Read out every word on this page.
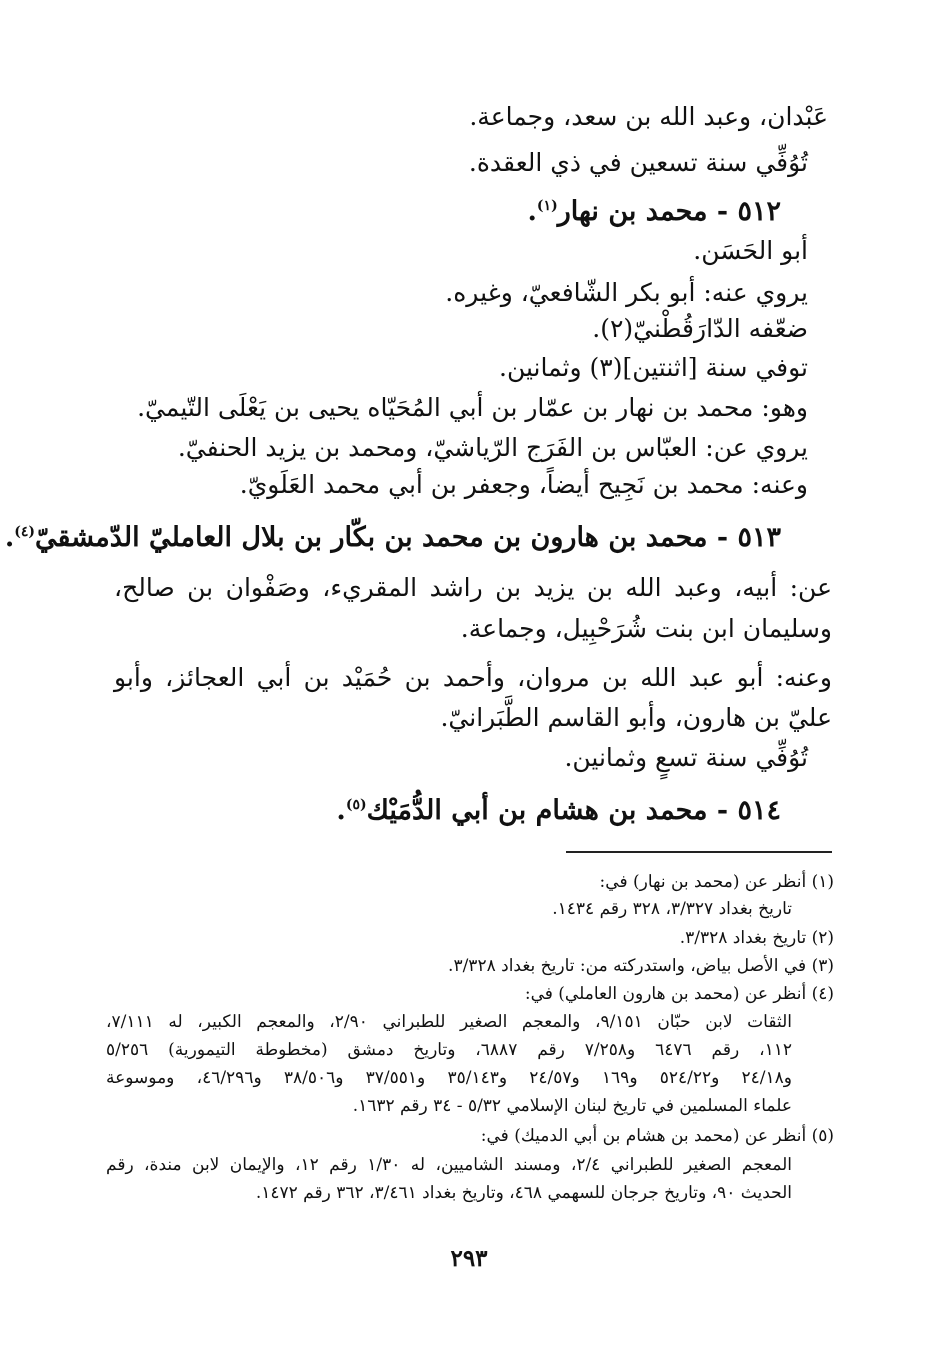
عَبْدان، وعبد الله بن سعد، وجماعة.
تُوُفِّي سنة تسعين في ذي العقدة.
٥١٢ - محمد بن نهار$^{(١)}$.
أبو الحَسَن.
يروي عنه: أبو بكر الشّافعيّ، وغيره.
ضعّفه الدّارَقُطْنيّ(٢).
توفي سنة [اثنتين](٣) وثمانين.
وهو: محمد بن نهار بن عمّار بن أبي المُحَيّاه يحيى بن يَعْلَى التّيميّ.
يروي عن: العبّاس بن الفَرَج الرّياشيّ، ومحمد بن يزيد الحنفيّ.
وعنه: محمد بن نَجِيح أيضاً، وجعفر بن أبي محمد العَلَويّ.
٥١٣ - محمد بن هارون بن محمد بن بكّار بن بلال العامليّ الدّمشقيّ$^{(٤)}$.
عن: أبيه، وعبد الله بن يزيد بن راشد المقريء، وصَفْوان بن صالح،
وسليمان ابن بنت شُرَحْبِيل، وجماعة.
وعنه: أبو عبد الله بن مروان، وأحمد بن حُمَيْد بن أبي العجائز، وأبو
عليّ بن هارون، وأبو القاسم الطَّبَرانيّ.
تُوُفِّي سنة تسعٍ وثمانين.
٥١٤ - محمد بن هشام بن أبي الدُّمَيْك$^{(٥)}$.
(١) أنظر عن (محمد بن نهار) في:
تاريخ بغداد ٣/٣٢٧، ٣٢٨ رقم ١٤٣٤.
(٢) تاريخ بغداد ٣/٣٢٨.
(٣) في الأصل بياض، واستدركته من: تاريخ بغداد ٣/٣٢٨.
(٤) أنظر عن (محمد بن هارون العاملي) في:
الثقات لابن حبّان ٩/١٥١، والمعجم الصغير للطبراني ٢/٩٠، والمعجم الكبير، له ٧/١١١،
١١٢، رقم ٦٤٧٦ و٧/٢٥٨ رقم ٦٨٨٧، وتاريخ دمشق (مخطوطة التيمورية) ٥/٢٥٦
و٢٤/١٨ و٥٢٤/٢٢ و١٦٩ و٢٤/٥٧ و٣٥/١٤٣ و٣٧/٥٥١ و٣٨/٥٠٦ و٤٦/٢٩٦، وموسوعة
علماء المسلمين في تاريخ لبنان الإسلامي ٥/٣٢ - ٣٤ رقم ١٦٣٢.
(٥) أنظر عن (محمد بن هشام بن أبي الدميك) في:
المعجم الصغير للطبراني ٢/٤، ومسند الشاميين، له ١/٣٠ رقم ١٢، والإيمان لابن مندة، رقم
الحديث ٩٠، وتاريخ جرجان للسهمي ٤٦٨، وتاريخ بغداد ٣/٤٦١، ٣٦٢ رقم ١٤٧٢.
٢٩٣
